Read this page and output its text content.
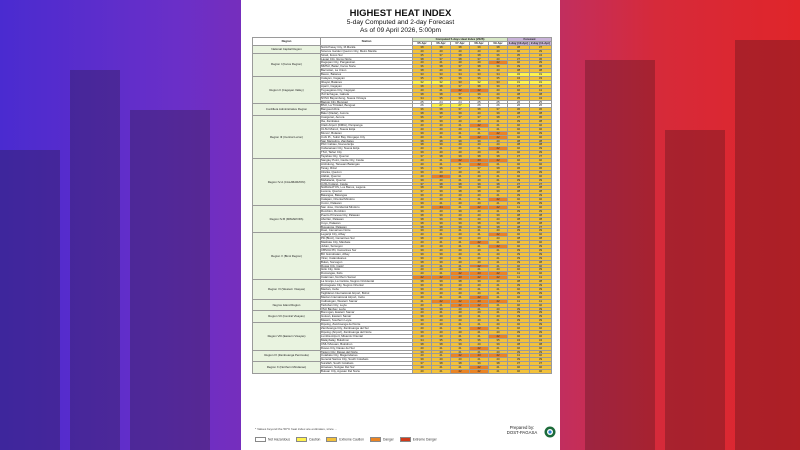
HIGHEST HEAT INDEX
5-day Computed and 2-day Forecast
As of 09 April 2026, 5:00pm
Region	Station	Computed 5-days Heat Index (2026)					Forecast	
		05-Apr	06-Apr	07-Apr	08-Apr	09-Apr	1-day (10-Apr)	2-day (11-Apr)
National Capital Region	NAIA Pasay City, M.Manila	38	38	38	39	38	38	37
	Science Garden Quezon City, Metro Manila	40	40	40	40	40	40	39
Region I (Ilocos Region)	Sinait, Ilocos Sur	35	37	38	38	36	35	34
	Laoag City, Ilocos Norte	38	37	38	37	40	37	36
	Dagupan City, Pangasinan	40	41	40	40	42	40	39
	MMSU, Batac, Ilocos Norte	36	38	37	38	39	39	36
	Bacnotan, La Union	38	40	40	41	40	38	38
	Basco, Batanes	33	33	34	33	34	32	31
Region II (Cagayan Valley)	Calayan, Cagayan	35	35	36	36	35	34	33
	Itbayat, Batanes	32	32	33	32	33	31	31
	Aparri, Cagayan	38	38	37	38	39	37	37
	Tuguegarao City, Cagayan	40	41	42	42	40	40	41
	ISU Echague, Isabela	38	38	37	39	40	38	38
	NVSU Bayombong, Nueva Vizcaya	34	35	36	35	36	35	34
	Baguio City, Benguet	25	24	24	25	25	26	25
Cordillera Administrative Region	BSU, La Trinidad, Benguet	26	27	27	26	26	26	26
	Bangued Abra	36	38	37	38	37	36	36
	Baler (Radar), Aurora	38	38	39	40	39	38	38
Region III (Central Luzon)	Casiguran, Aurora	36	37	37	37	38	37	36
	Iba, Zambales	38	39	40	40	41	39	38
	Clark Airport (DMIA), Pampanga	40	40	41	42	41	40	40
	CLSU Munoz, Nueva Ecija	40	40	40	41	41	40	40
	Munoz, Bulacan	39	40	41	41	42	40	39
	Cubi Pt., Subic Bay Olongapo City	40	41	41	42	42	40	40
	San Marcelino, Zambales	38	38	39	39	40	38	38
	PAC Cabiao, Nueva Ecija	38	39	40	40	40	38	38
	Cabanatuan City, Nueva Ecija	40	41	40	41	42	40	39
	TSU, Tarlac City	39	40	40	40	41	40	39
	Tayabas City, Quezon	37	38	39	38	38	37	37
Region IV-A (CALABARZON)	Sangley Point, Cavite City, Cavite	40	41	42	43	42	40	40
	Ambulong, Tanauan Batangas	40	41	41	42	41	40	40
	Tanay, Rizal	36	36	37	37	38	36	36
	Infanta, Quezon	39	40	40	41	40	39	39
	Alabat, Quezon	40	43	41	40	41	40	40
	Mabalacat, Quezon	39	40	41	40	41	39	39
	CvSU Indang, Cavite	37	38	38	39	38	37	37
	NARAGATOS, Los Banos, Laguna	38	38	39	39	40	38	38
	Lucena, Quezon	37	39	38	38	39	38	38
	Batangas, Batangas	39	40	40	40	41	39	39
	Calapan, Oriental Mindoro	40	40	41	41	42	40	40
	Coron, Palawan	39	41	40	40	41	39	39
Region IV-B (MIMAROPA)	San Jose, Occidental Mindoro	40	44	41	42	42	41	40
	Romblon, Romblon	39	40	39	40	41	39	39
	Puerto Princesa City, Palawan	38	39	40	40	39	38	38
	Aborlan, Palawan	38	39	39	40	40	38	38
	Cuyo, Palawan	38	39	39	38	39	38	38
	Busuanga, Palawan	38	38	39	39	38	38	37
	Daet, Camarines Norte	39	40	41	41	40	39	39
Region V (Bicol Region)	Legazpi City, Albay	40	41	40	41	42	40	40
	Pili (Bicol), Camarines Sur	38	40	40	40	40	38	38
	Masbate City, Masbate	40	41	41	42	41	40	40
	Juban, Sorsogon	40	40	41	41	42	40	39
	CBSUA Pili, Camarines Sur	39	40	40	40	41	39	39
	BU Guinobatan, Albay	39	39	40	41	40	39	39
	Virac, Catanduanes	39	40	41	40	41	39	39
	Bulan, Sorsogon	38	39	40	40	41	39	38
	Roxas City, Capiz	40	41	41	42	41	40	40
	Iloilo City, Iloilo	40	40	41	41	40	40	39
	Dumangas, Iloilo	40	41	42	43	42	41	40
	Catarman, Northern Samar	42	42	43	42	42	41	41
Region VI (Western Visayas)	La Granja, La Carlota, Negros Occidental	38	39	38	39	40	38	38
	Dumaguete City, Negros Oriental	39	39	40	40	41	39	39
	Mactan, Cebu	39	40	40	41	41	40	39
	Tagbilaran International Airport, Bohol	39	40	40	40	41	39	39
	Mactan International Airport, Cebu	40	41	41	42	41	40	40
Negros Island Region	Catbalogan, Western Samar	41	42	42	43	42	41	41
	Tacloban City, Leyte	40	41	42	42	41	40	40
	VSU Baybay, Leyte	39	39	40	41	40	39	39
Region VII (Central Visayas)	Borongan, Eastern Samar	40	41	40	40	41	39	39
	Guiuan, Eastern Samar	39	40	40	41	40	39	39
	Maasin, Southern Leyte	39	40	40	40	41	39	39
Region VIII (Eastern Visayas)	Dipolog, Zamboanga del Norte	40	40	41	41	40	40	39
	Zamboanga City, Zamboanga del Sur	40	41	41	42	41	40	40
	Dipolog (Airport), Zamboanga del Norte	39	40	40	41	40	39	39
	Lumbia Airport, Misamis Oriental	40	40	41	41	42	40	40
	Malaybalay, Bukidnon	34	35	35	36	35	34	34
	CMU Musuan, Bukidnon	38	38	39	40	39	38	38
	Davao City, Davao del Sur	40	41	41	42	41	40	40
Region IX (Zamboanga Peninsula)	Tagum City, Davao del Norte	39	40	41	41	40	39	39
	Cotabato City, Maguindanao	40	41	42	43	42	41	40
	General Santos City, South Cotabato	39	40	40	41	40	39	39
Region X (Northern Mindanao)	Surallah, South Cotabato	37	38	38	39	38	37	37
	Hinatuan, Surigao Del Sur	40	41	41	42	41	40	40
	Butuan City, Agusan Del Norte	40	41	42	42	41	40	40
* Values beyond the 50°C heat index are estimates, since ...
Not Hazardous	Caution	Extreme Caution	Danger	Extreme Danger
Prepared by:
DOST-PAGASA
